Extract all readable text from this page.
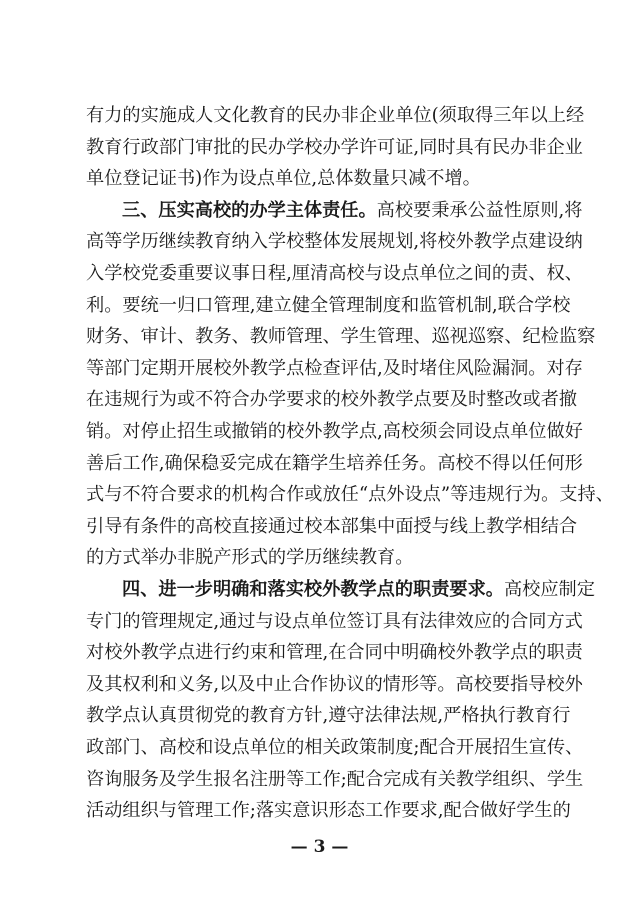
有力的实施成人文化教育的民办非企业单位(须取得三年以上经
教育行政部门审批的民办学校办学许可证,同时具有民办非企业
单位登记证书)作为设点单位,总体数量只减不增。
三、压实高校的办学主体责任。高校要秉承公益性原则,将
高等学历继续教育纳入学校整体发展规划,将校外教学点建设纳
入学校党委重要议事日程,厘清高校与设点单位之间的责、权、
利。要统一归口管理,建立健全管理制度和监管机制,联合学校
财务、审计、教务、教师管理、学生管理、巡视巡察、纪检监察
等部门定期开展校外教学点检查评估,及时堵住风险漏洞。对存
在违规行为或不符合办学要求的校外教学点要及时整改或者撤
销。对停止招生或撤销的校外教学点,高校须会同设点单位做好
善后工作,确保稳妥完成在籍学生培养任务。高校不得以任何形
式与不符合要求的机构合作或放任“点外设点”等违规行为。支持、
引导有条件的高校直接通过校本部集中面授与线上教学相结合
的方式举办非脱产形式的学历继续教育。
四、进一步明确和落实校外教学点的职责要求。高校应制定
专门的管理规定,通过与设点单位签订具有法律效应的合同方式
对校外教学点进行约束和管理,在合同中明确校外教学点的职责
及其权利和义务,以及中止合作协议的情形等。高校要指导校外
教学点认真贯彻党的教育方针,遵守法律法规,严格执行教育行
政部门、高校和设点单位的相关政策制度;配合开展招生宣传、
咨询服务及学生报名注册等工作;配合完成有关教学组织、学生
活动组织与管理工作;落实意识形态工作要求,配合做好学生的
— 3 —
